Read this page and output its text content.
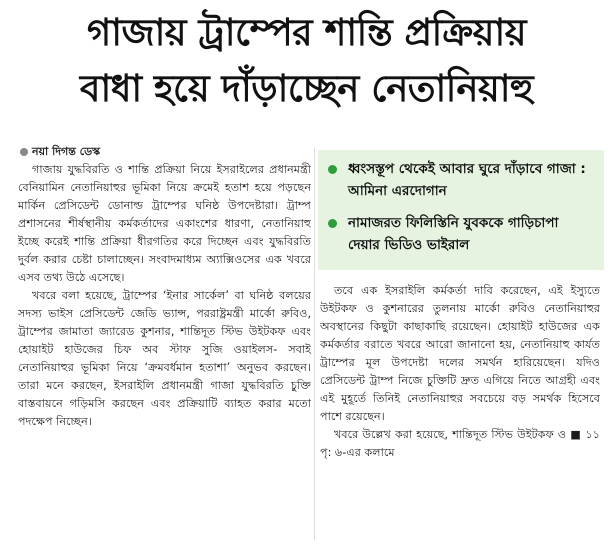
গাজায় ট্রাম্পের শান্তি প্রক্রিয়ায়
বাধা হয়ে দাঁড়াচ্ছেন নেতানিয়াহু
নয়া দিগন্ত ডেস্ক

গাজায় যুদ্ধবিরতি ও শান্তি প্রক্রিয়া নিয়ে ইসরাইলের প্রধানমন্ত্রী বেনিয়ামিন নেতানিয়াহুর ভূমিকা নিয়ে ক্রমেই হতাশ হয়ে পড়ছেন মার্কিন প্রেসিডেন্ট ডোনাল্ড ট্রাম্পের ঘনিষ্ঠ উপদেষ্টারা। ট্রাম্প প্রশাসনের শীর্ষস্থানীয় কর্মকর্তাদের একাংশের ধারণা, নেতানিয়াহু ইচ্ছে করেই শান্তি প্রক্রিয়া ধীরগতির করে দিচ্ছেন এবং যুদ্ধবিরতি দুর্বল করার চেষ্টা চালাচ্ছেন। সংবাদমাধ্যম অ্যাক্সিওসের এক খবরে এসব তথ্য উঠে এসেছে।

খবরে বলা হয়েছে, ট্রাম্পের ‘ইনার সার্কেল’ বা ঘনিষ্ঠ বলয়ের সদস্য ভাইস প্রেসিডেন্ট জেডি ভ্যান্স, পররাষ্ট্রমন্ত্রী মার্কো রুবিও, ট্রাম্পের জামাতা জ্যারেড কুশনার, শান্তিদূত স্টিভ উইটকফ এবং হোয়াইট হাউজের চিফ অব স্টাফ সুজি ওয়াইলস- সবাই নেতানিয়াহুর ভূমিকা নিয়ে ‘ক্রমবর্ধমান হতাশা’ অনুভব করছেন। তারা মনে করছেন, ইসরাইলি প্রধানমন্ত্রী গাজা যুদ্ধবিরতি চুক্তি বাস্তবায়নে গড়িমসি করছেন এবং প্রক্রিয়াটি ব্যাহত করার মতো পদক্ষেপ নিচ্ছেন।

ধ্বংসস্তূপ থেকেই আবার ঘুরে দাঁড়াবে গাজা : আমিনা এরদোগান
নামাজরত ফিলিস্তিনি যুবককে গাড়িচাপা দেয়ার ভিডিও ভাইরাল

তবে এক ইসরাইলি কর্মকর্তা দাবি করেছেন, এই ইস্যুতে উইটকফ ও কুশনারের তুলনায় মার্কো রুবিও নেতানিয়াহুর অবস্থানের কিছুটা কাছাকাছি রয়েছেন। হোয়াইট হাউজের এক কর্মকর্তার বরাতে খবরে আরো জানানো হয়, নেতানিয়াহু কার্যত ট্রাম্পের মূল উপদেষ্টা দলের সমর্থন হারিয়েছেন। যদিও প্রেসিডেন্ট ট্রাম্প নিজে চুক্তিটি দ্রুত এগিয়ে নিতে আগ্রহী এবং এই মুহূর্তে তিনিই নেতানিয়াহুর সবচেয়ে বড় সমর্থক হিসেবে পাশে রয়েছেন।

খবরে উল্লেখ করা হয়েছে, শান্তিদূত স্টিভ উইটকফ ও ■ ১১ পৃ: ৬-এর কলামে
